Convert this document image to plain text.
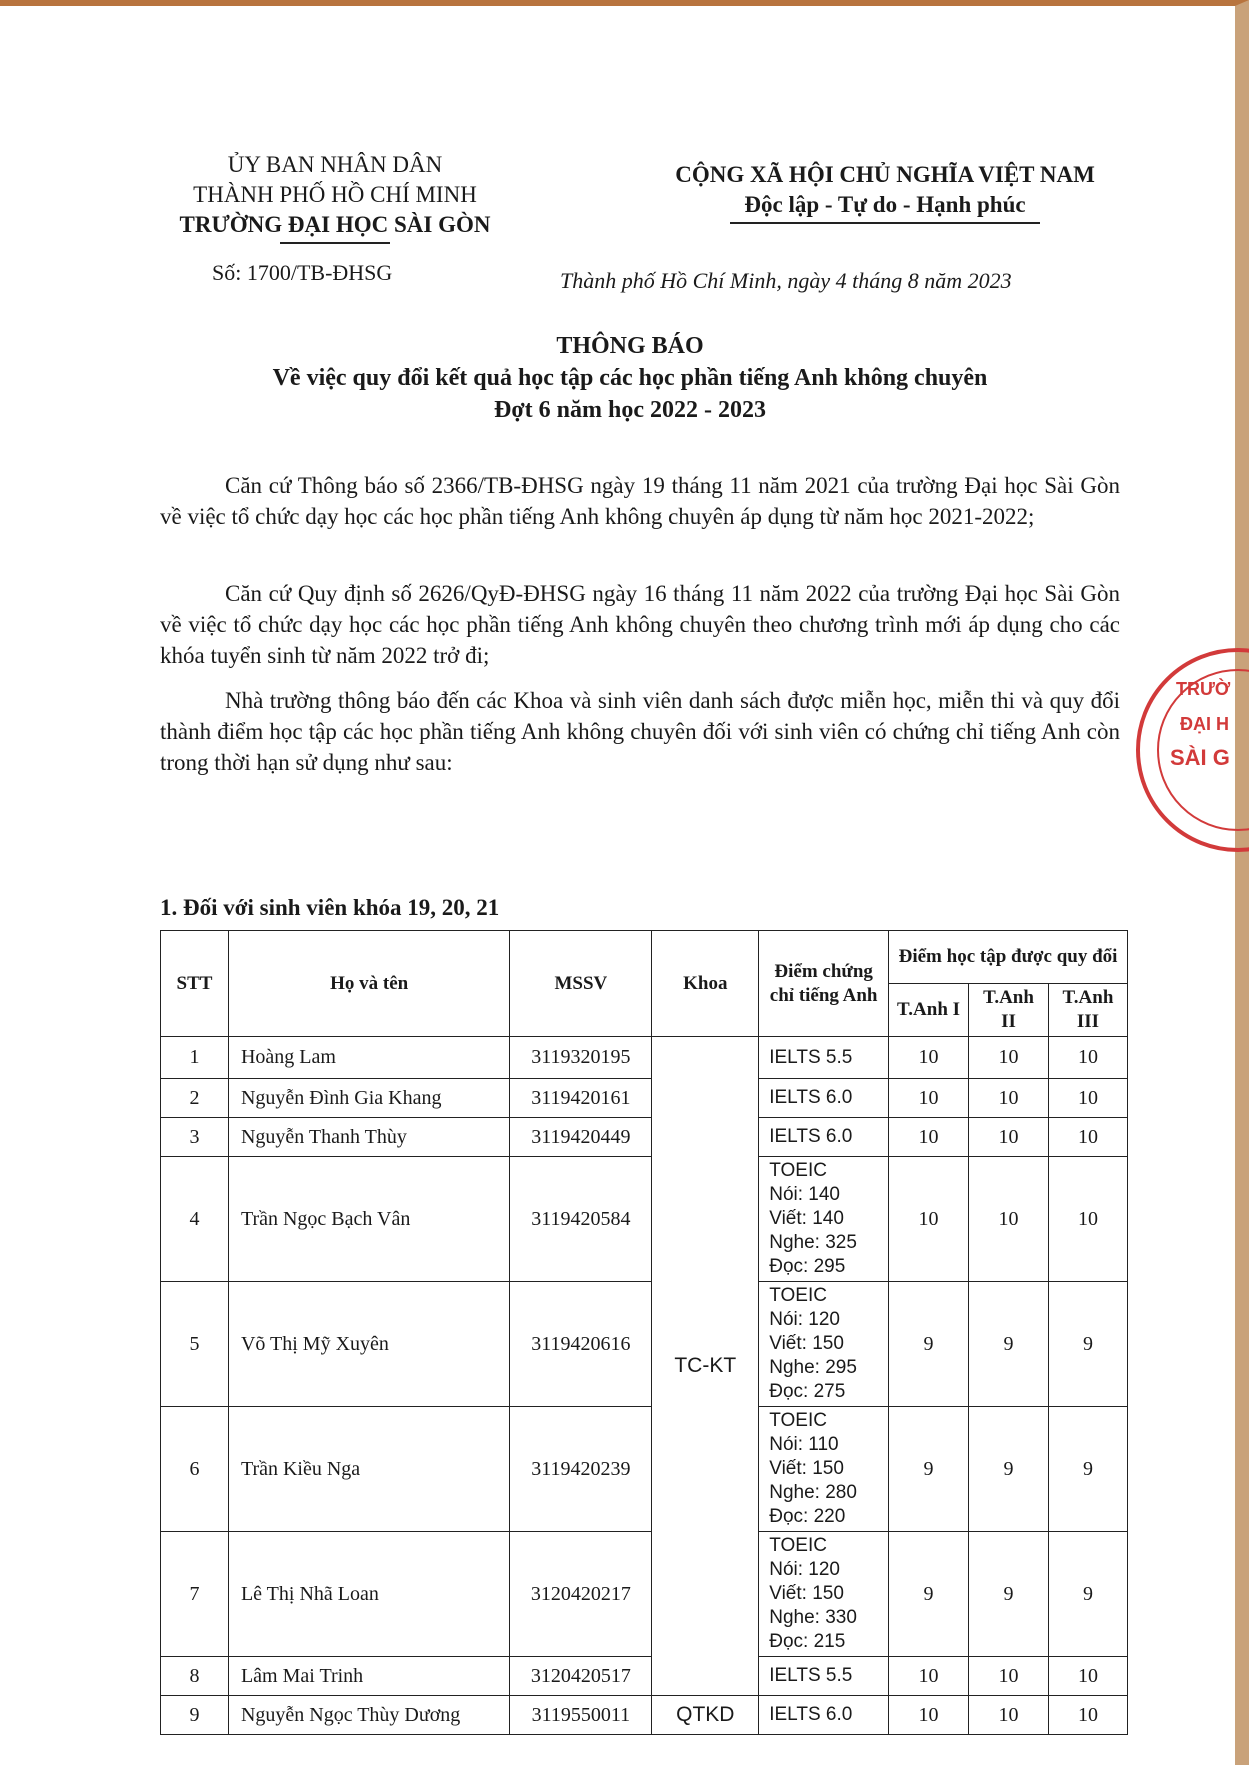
ỦY BAN NHÂN DÂN
THÀNH PHỐ HỒ CHÍ MINH
TRƯỜNG ĐẠI HỌC SÀI GÒN
CỘNG XÃ HỘI CHỦ NGHĨA VIỆT NAM
Độc lập - Tự do - Hạnh phúc
Số: 1700/TB-ĐHSG	Thành phố Hồ Chí Minh, ngày 4 tháng 8 năm 2023
THÔNG BÁO
Về việc quy đổi kết quả học tập các học phần tiếng Anh không chuyên
Đợt 6 năm học 2022 - 2023
Căn cứ Thông báo số 2366/TB-ĐHSG ngày 19 tháng 11 năm 2021 của trường Đại học Sài Gòn về việc tổ chức dạy học các học phần tiếng Anh không chuyên áp dụng từ năm học 2021-2022;
Căn cứ Quy định số 2626/QyĐ-ĐHSG ngày 16 tháng 11 năm 2022 của trường Đại học Sài Gòn về việc tổ chức dạy học các học phần tiếng Anh không chuyên theo chương trình mới áp dụng cho các khóa tuyển sinh từ năm 2022 trở đi;
Nhà trường thông báo đến các Khoa và sinh viên danh sách được miễn học, miễn thi và quy đổi thành điểm học tập các học phần tiếng Anh không chuyên đối với sinh viên có chứng chỉ tiếng Anh còn trong thời hạn sử dụng như sau:
1. Đối với sinh viên khóa 19, 20, 21
STT	Họ và tên	MSSV	Khoa	Điểm chứng chỉ tiếng Anh	Điểm học tập được quy đổi		
					T.Anh I	T.Anh II	T.Anh III
1	Hoàng Lam	3119320195	TC-KT	IELTS 5.5	10	10	10
2	Nguyễn Đình Gia Khang	3119420161		IELTS 6.0	10	10	10
3	Nguyễn Thanh Thùy	3119420449		IELTS 6.0	10	10	10
4	Trần Ngọc Bạch Vân	3119420584		TOEIC
Nói: 140
Viết: 140
Nghe: 325
Đọc: 295	10	10	10
5	Võ Thị Mỹ Xuyên	3119420616		TOEIC
Nói: 120
Viết: 150
Nghe: 295
Đọc: 275	9	9	9
6	Trần Kiều Nga	3119420239		TOEIC
Nói: 110
Viết: 150
Nghe: 280
Đọc: 220	9	9	9
7	Lê Thị Nhã Loan	3120420217		TOEIC
Nói: 120
Viết: 150
Nghe: 330
Đọc: 215	9	9	9
8	Lâm Mai Trinh	3120420517		IELTS 5.5	10	10	10
9	Nguyễn Ngọc Thùy Dương	3119550011	QTKD	IELTS 6.0	10	10	10
TRƯỜ
ĐẠI H
SÀI G
